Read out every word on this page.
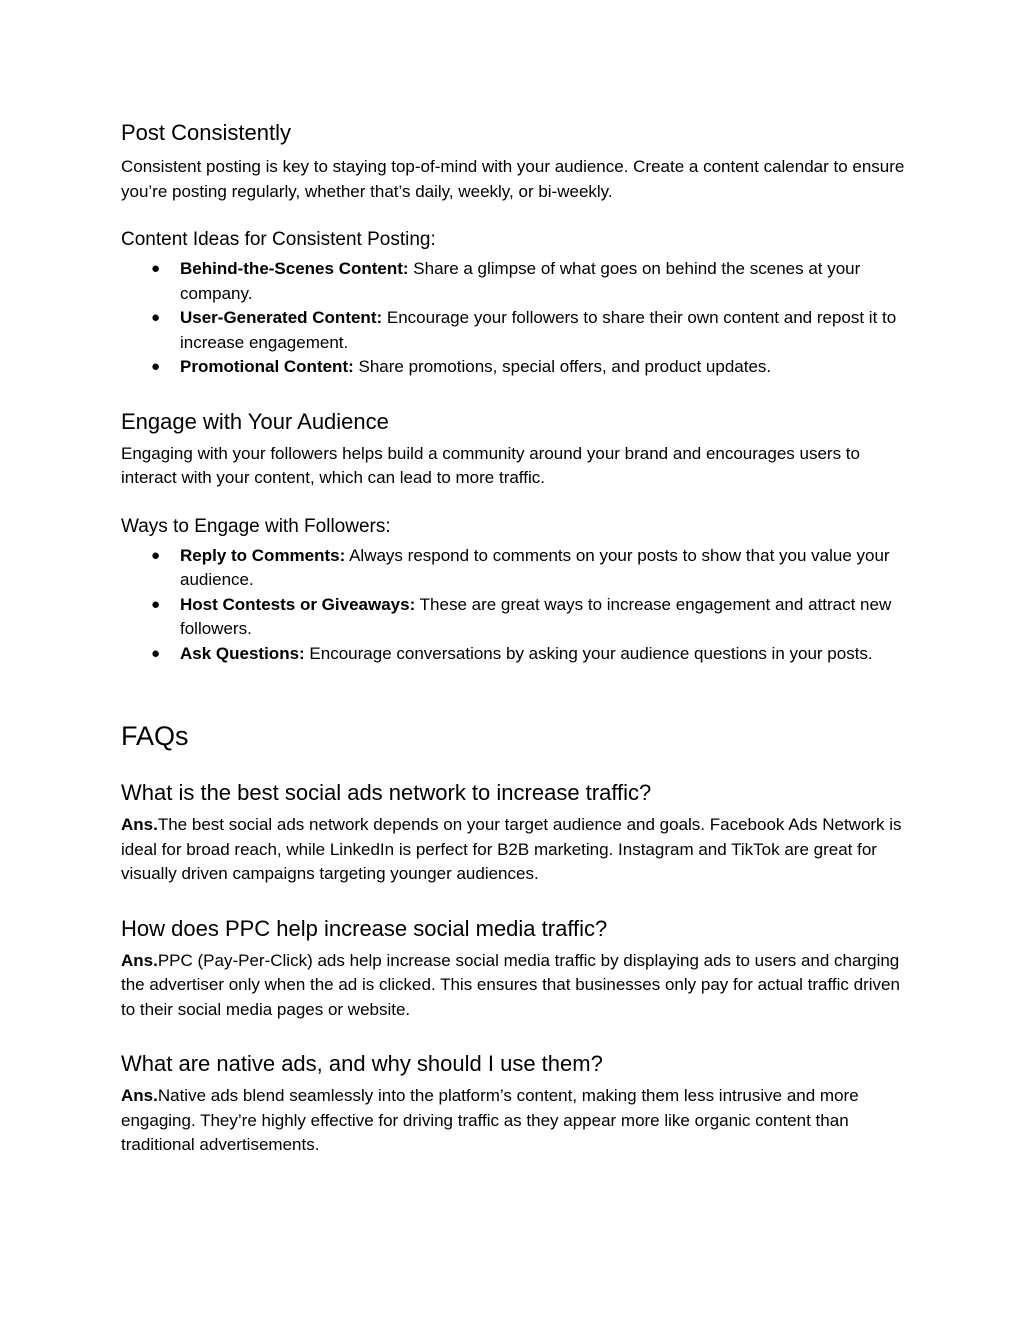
Post Consistently

Consistent posting is key to staying top-of-mind with your audience. Create a content calendar to ensure you’re posting regularly, whether that’s daily, weekly, or bi-weekly.

Content Ideas for Consistent Posting:

● Behind-the-Scenes Content: Share a glimpse of what goes on behind the scenes at your company.
● User-Generated Content: Encourage your followers to share their own content and repost it to increase engagement.
● Promotional Content: Share promotions, special offers, and product updates.
Engage with Your Audience

Engaging with your followers helps build a community around your brand and encourages users to interact with your content, which can lead to more traffic.

Ways to Engage with Followers:

● Reply to Comments: Always respond to comments on your posts to show that you value your audience.
● Host Contests or Giveaways: These are great ways to increase engagement and attract new followers.
● Ask Questions: Encourage conversations by asking your audience questions in your posts.
FAQs
What is the best social ads network to increase traffic?

Ans.The best social ads network depends on your target audience and goals. Facebook Ads Network is ideal for broad reach, while LinkedIn is perfect for B2B marketing. Instagram and TikTok are great for visually driven campaigns targeting younger audiences.

How does PPC help increase social media traffic?

Ans.PPC (Pay-Per-Click) ads help increase social media traffic by displaying ads to users and charging the advertiser only when the ad is clicked. This ensures that businesses only pay for actual traffic driven to their social media pages or website.

What are native ads, and why should I use them?

Ans.Native ads blend seamlessly into the platform’s content, making them less intrusive and more engaging. They’re highly effective for driving traffic as they appear more like organic content than traditional advertisements.
